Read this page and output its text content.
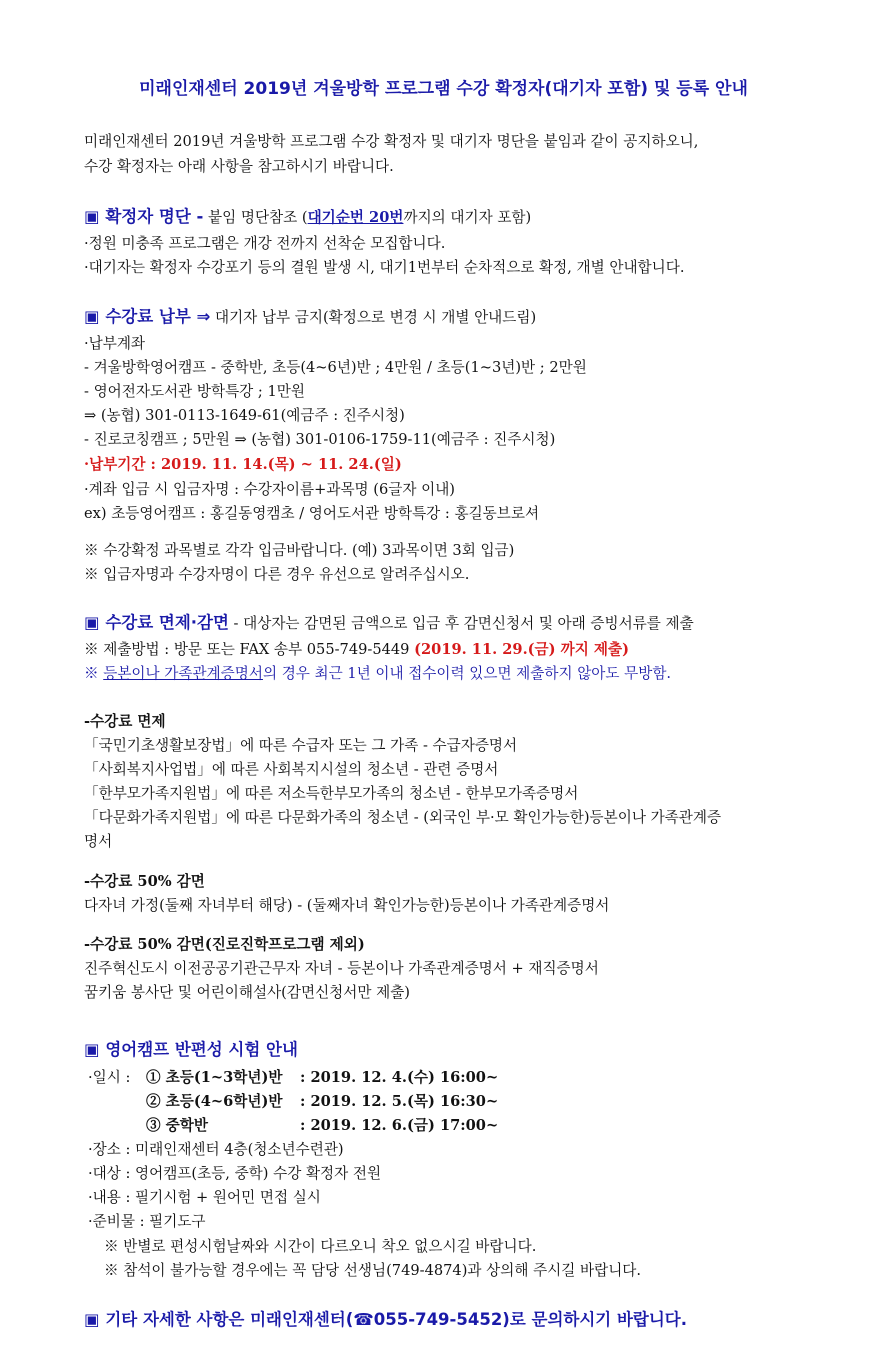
미래인재센터 2019년 겨울방학 프로그램 수강 확정자(대기자 포함) 및 등록 안내
미래인재센터 2019년 겨울방학 프로그램 수강 확정자 및 대기자 명단을 붙임과 같이 공지하오니,
수강 확정자는 아래 사항을 참고하시기 바랍니다.
▣ 확정자 명단 - 붙임 명단참조 (대기순번 20번까지의 대기자 포함)
·정원 미충족 프로그램은 개강 전까지 선착순 모집합니다.
·대기자는 확정자 수강포기 등의 결원 발생 시, 대기1번부터 순차적으로 확정, 개별 안내합니다.
▣ 수강료 납부 ⇒ 대기자 납부 금지(확정으로 변경 시 개별 안내드림)
·납부계좌
- 겨울방학영어캠프 - 중학반, 초등(4~6년)반 ; 4만원 / 초등(1~3년)반 ; 2만원
- 영어전자도서관 방학특강 ; 1만원
⇒ (농협) 301-0113-1649-61(예금주 : 진주시청)
- 진로코칭캠프 ; 5만원 ⇒ (농협) 301-0106-1759-11(예금주 : 진주시청)
·납부기간 : 2019. 11. 14.(목) ~ 11. 24.(일)
·계좌 입금 시 입금자명 : 수강자이름+과목명 (6글자 이내)
ex) 초등영어캠프 : 홍길동영캠초 / 영어도서관 방학특강 : 홍길동브로셔
※ 수강확정 과목별로 각각 입금바랍니다. (예) 3과목이면 3회 입금)
※ 입금자명과 수강자명이 다른 경우 유선으로 알려주십시오.
▣ 수강료 면제·감면 - 대상자는 감면된 금액으로 입금 후 감면신청서 및 아래 증빙서류를 제출
※ 제출방법 : 방문 또는 FAX 송부 055-749-5449 (2019. 11. 29.(금) 까지 제출)
※ 등본이나 가족관계증명서의 경우 최근 1년 이내 접수이력 있으면 제출하지 않아도 무방함.
-수강료 면제
「국민기초생활보장법」에 따른 수급자 또는 그 가족 - 수급자증명서
「사회복지사업법」에 따른 사회복지시설의 청소년 - 관련 증명서
「한부모가족지원법」에 따른 저소득한부모가족의 청소년 - 한부모가족증명서
「다문화가족지원법」에 따른 다문화가족의 청소년 - (외국인 부·모 확인가능한)등본이나 가족관계증
명서
-수강료 50% 감면
다자녀 가정(둘째 자녀부터 해당) - (둘째자녀 확인가능한)등본이나 가족관계증명서
-수강료 50% 감면(진로진학프로그램 제외)
진주혁신도시 이전공공기관근무자 자녀 - 등본이나 가족관계증명서 + 재직증명서
꿈키움 봉사단 및 어린이해설사(감면신청서만 제출)
▣ 영어캠프 반편성 시험 안내
·일시 : ① 초등(1~3학년)반 : 2019. 12. 4.(수) 16:00~
② 초등(4~6학년)반 : 2019. 12. 5.(목) 16:30~
③ 중학반	: 2019. 12. 6.(금) 17:00~
·장소 : 미래인재센터 4층(청소년수련관)
·대상 : 영어캠프(초등, 중학) 수강 확정자 전원
·내용 : 필기시험 + 원어민 면접 실시
·준비물 : 필기도구
※ 반별로 편성시험날짜와 시간이 다르오니 착오 없으시길 바랍니다.
※ 참석이 불가능할 경우에는 꼭 담당 선생님(749-4874)과 상의해 주시길 바랍니다.
▣ 기타 자세한 사항은 미래인재센터(☎055-749-5452)로 문의하시기 바랍니다.
